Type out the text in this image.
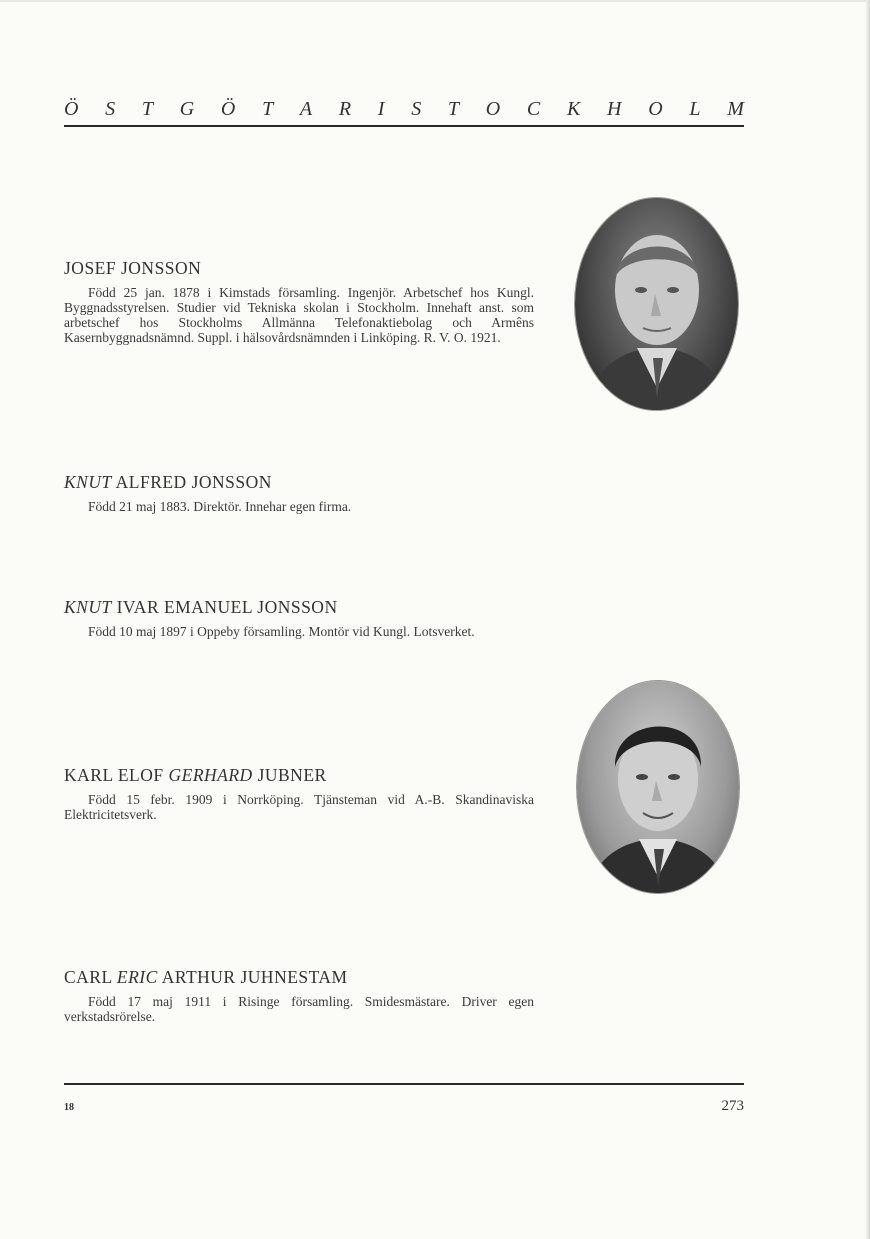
Ö S T G Ö T A R I S T O C K H O L M

JOSEF JONSSON

Född 25 jan. 1878 i Kimstads församling. Ingenjör. Arbetschef hos Kungl. Byggnadsstyrelsen. Studier vid Tekniska skolan i Stockholm. Innehaft anst. som arbetschef hos Stockholms Allmänna Telefonaktiebolag och Armêns Kasernbyggnadsnämnd. Suppl. i hälsovårdsnämnden i Linköping. R. V. O. 1921.

KNUT ALFRED JONSSON

Född 21 maj 1883. Direktör. Innehar egen firma.

KNUT IVAR EMANUEL JONSSON

Född 10 maj 1897 i Oppeby församling. Montör vid Kungl. Lotsverket.

KARL ELOF GERHARD JUBNER

Född 15 febr. 1909 i Norrköping. Tjänsteman vid A.-B. Skandinaviska Elektricitetsverk.

CARL ERIC ARTHUR JUHNESTAM

Född 17 maj 1911 i Risinge församling. Smidesmästare. Driver egen verkstadsrörelse.

18	273
